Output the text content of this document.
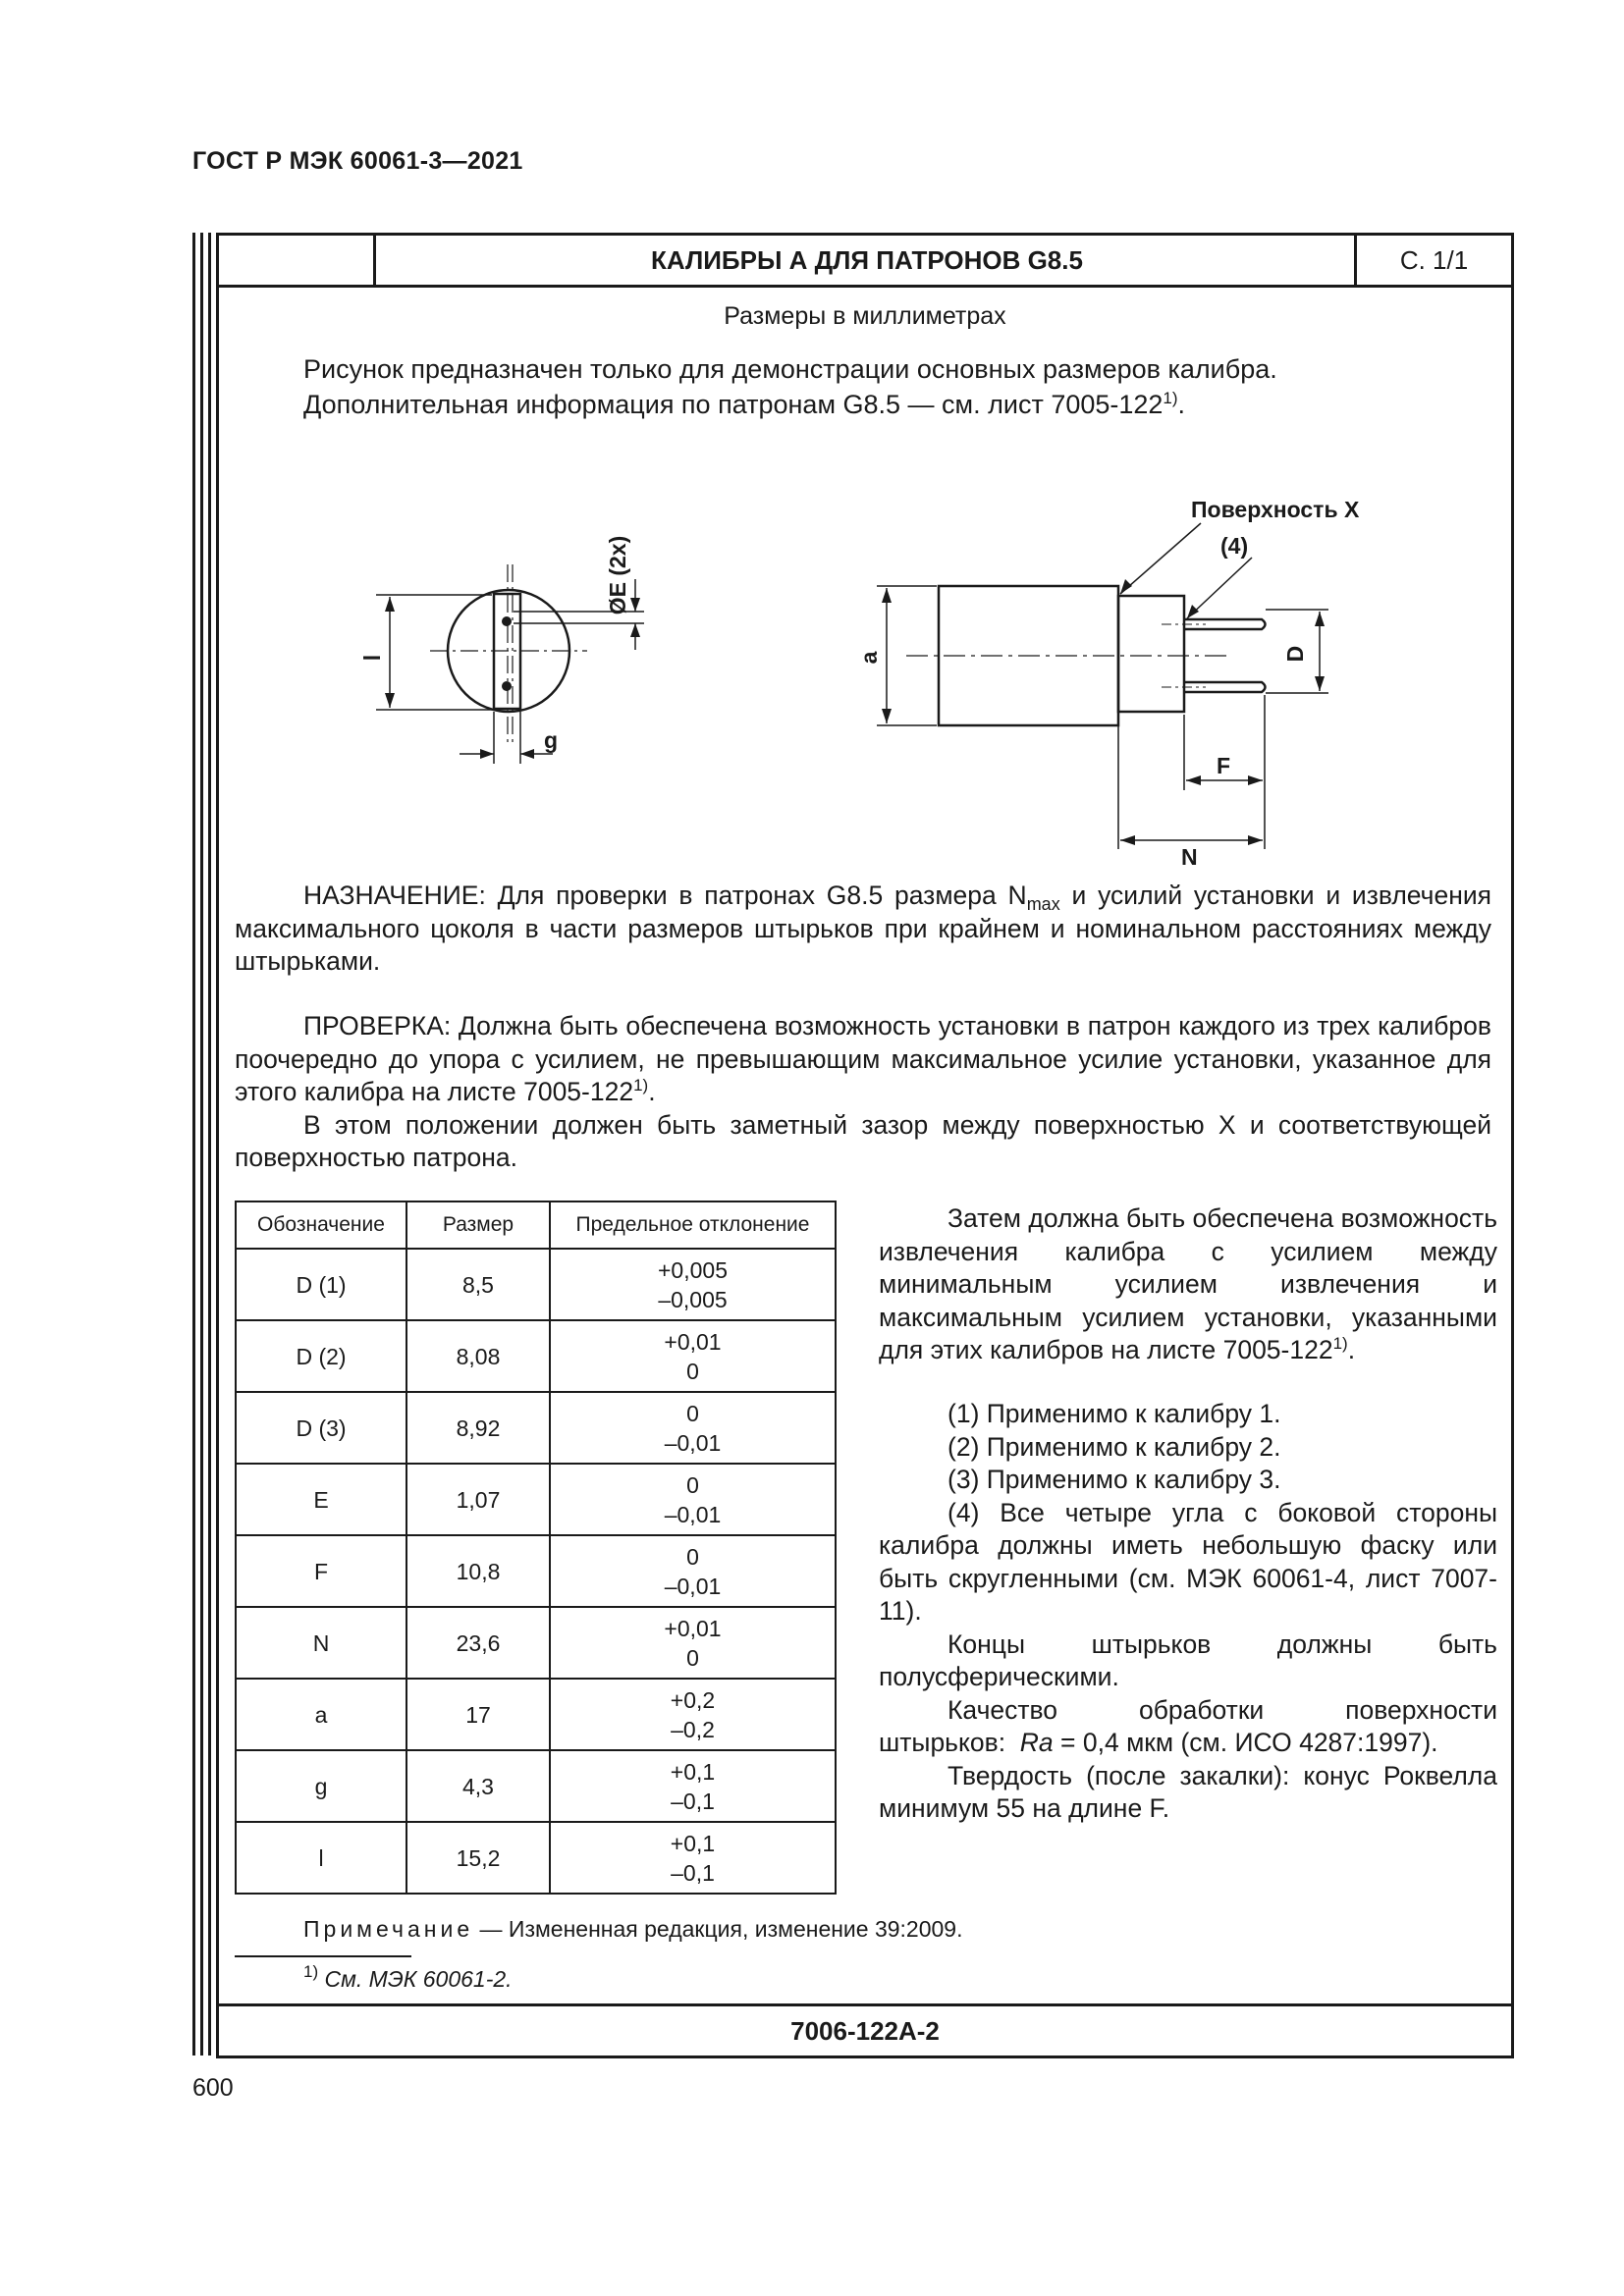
ГОСТ Р МЭК 60061-3—2021
КАЛИБРЫ А ДЛЯ ПАТРОНОВ G8.5	С. 1/1
Размеры в миллиметрах
Рисунок предназначен только для демонстрации основных размеров калибра.
Дополнительная информация по патронам G8.5 — см. лист 7005-122$^{1)}$.
Поверхность X
(4)
l
g
ØE (2x)
a	D
F
N
НАЗНАЧЕНИЕ: Для проверки в патронах G8.5 размера $N_{max}$ и усилий установки и извлечения максимального цоколя в части размеров штырьков при крайнем и номинальном расстояниях между штырьками.
ПРОВЕРКА: Должна быть обеспечена возможность установки в патрон каждого из трех калибров поочередно до упора с усилием, не превышающим максимальное усилие установки, указанное для этого калибра на листе 7005-122$^{1)}$.
В этом положении должен быть заметный зазор между поверхностью X и соответствующей поверхностью патрона.
Обозначение	Размер	Предельное отклонение
D (1)	8,5	+0,005
–0,005

D (2)	8,08	+0,01
0

D (3)	8,92	0
–0,01

E	1,07	0
–0,01

F	10,8	0
–0,01

N	23,6	+0,01
0

a	17	+0,2
–0,2

g	4,3	+0,1
–0,1

l	15,2	+0,1
–0,1
Затем должна быть обеспечена возможность извлечения калибра с усилием между минимальным усилием извлечения и максимальным усилием установки, указанными для этих калибров на листе 7005-122$^{1)}$.
(1) Применимо к калибру 1.
(2) Применимо к калибру 2.
(3) Применимо к калибру 3.
(4) Все четыре угла с боковой стороны калибра должны иметь небольшую фаску или быть скругленными (см. МЭК 60061-4, лист 7007-11).
Концы штырьков должны быть полусферическими.
Качество обработки поверхности штырьков: Ra = 0,4 мкм (см. ИСО 4287:1997).
Твердость (после закалки): конус Роквелла минимум 55 на длине F.
Примечание — Измененная редакция, изменение 39:2009.
$^{1)}$ См. МЭК 60061-2.
7006-122A-2
600
